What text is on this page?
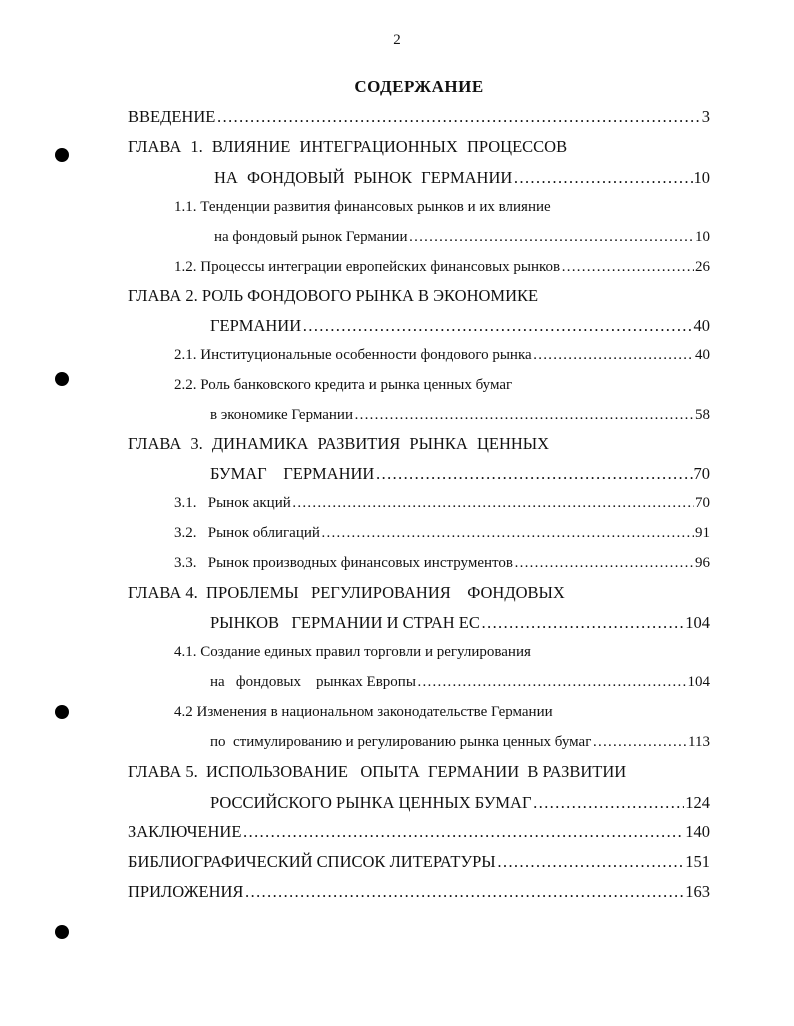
2
СОДЕРЖАНИЕ
ВВЕДЕНИЕ …………………………………………………………………………………………………………………………………………………………………………………………………………	3
ГЛАВА 1. ВЛИЯНИЕ ИНТЕГРАЦИОННЫХ ПРОЦЕССОВ
НА ФОНДОВЫЙ РЫНОК ГЕРМАНИИ …………………………………………………………………………………………………………………………………………………………………………………………………………	10
1.1. Тенденции развития финансовых рынков и их влияние
на фондовый рынок Германии …………………………………………………………………………………………………………………………………………………………………………………………………………	10
1.2. Процессы интеграции европейских финансовых рынков …………………………………………………………………………………………………………………………………………………………………………………………………………	26
ГЛАВА 2. РОЛЬ ФОНДОВОГО РЫНКА В ЭКОНОМИКЕ
ГЕРМАНИИ …………………………………………………………………………………………………………………………………………………………………………………………………………	40
2.1. Институциональные особенности фондового рынка …………………………………………………………………………………………………………………………………………………………………………………………………………	40
2.2. Роль банковского кредита и рынка ценных бумаг
в экономике Германии …………………………………………………………………………………………………………………………………………………………………………………………………………	58
ГЛАВА 3. ДИНАМИКА РАЗВИТИЯ РЫНКА ЦЕННЫХ
БУМАГ    ГЕРМАНИИ …………………………………………………………………………………………………………………………………………………………………………………………………………	70
3.1.   Рынок акций …………………………………………………………………………………………………………………………………………………………………………………………………………	70
3.2.   Рынок облигаций …………………………………………………………………………………………………………………………………………………………………………………………………………	91
3.3.   Рынок производных финансовых инструментов …………………………………………………………………………………………………………………………………………………………………………………………………………	96
ГЛАВА 4.  ПРОБЛЕМЫ   РЕГУЛИРОВАНИЯ    ФОНДОВЫХ
РЫНКОВ   ГЕРМАНИИ И СТРАН ЕС …………………………………………………………………………………………………………………………………………………………………………………………………………	104
4.1. Создание единых правил торговли и регулирования
на   фондовых    рынках Европы …………………………………………………………………………………………………………………………………………………………………………………………………………	104
4.2 Изменения в национальном законодательстве Германии
по  стимулированию и регулированию рынка ценных бумаг …………………………………………………………………………………………………………………………………………………………………………………………………………	113
ГЛАВА 5.  ИСПОЛЬЗОВАНИЕ   ОПЫТА  ГЕРМАНИИ  В РАЗВИТИИ
РОССИЙСКОГО РЫНКА ЦЕННЫХ БУМАГ …………………………………………………………………………………………………………………………………………………………………………………………………………	124
ЗАКЛЮЧЕНИЕ …………………………………………………………………………………………………………………………………………………………………………………………………………	140
БИБЛИОГРАФИЧЕСКИЙ СПИСОК ЛИТЕРАТУРЫ …………………………………………………………………………………………………………………………………………………………………………………………………………	151
ПРИЛОЖЕНИЯ …………………………………………………………………………………………………………………………………………………………………………………………………………	163
